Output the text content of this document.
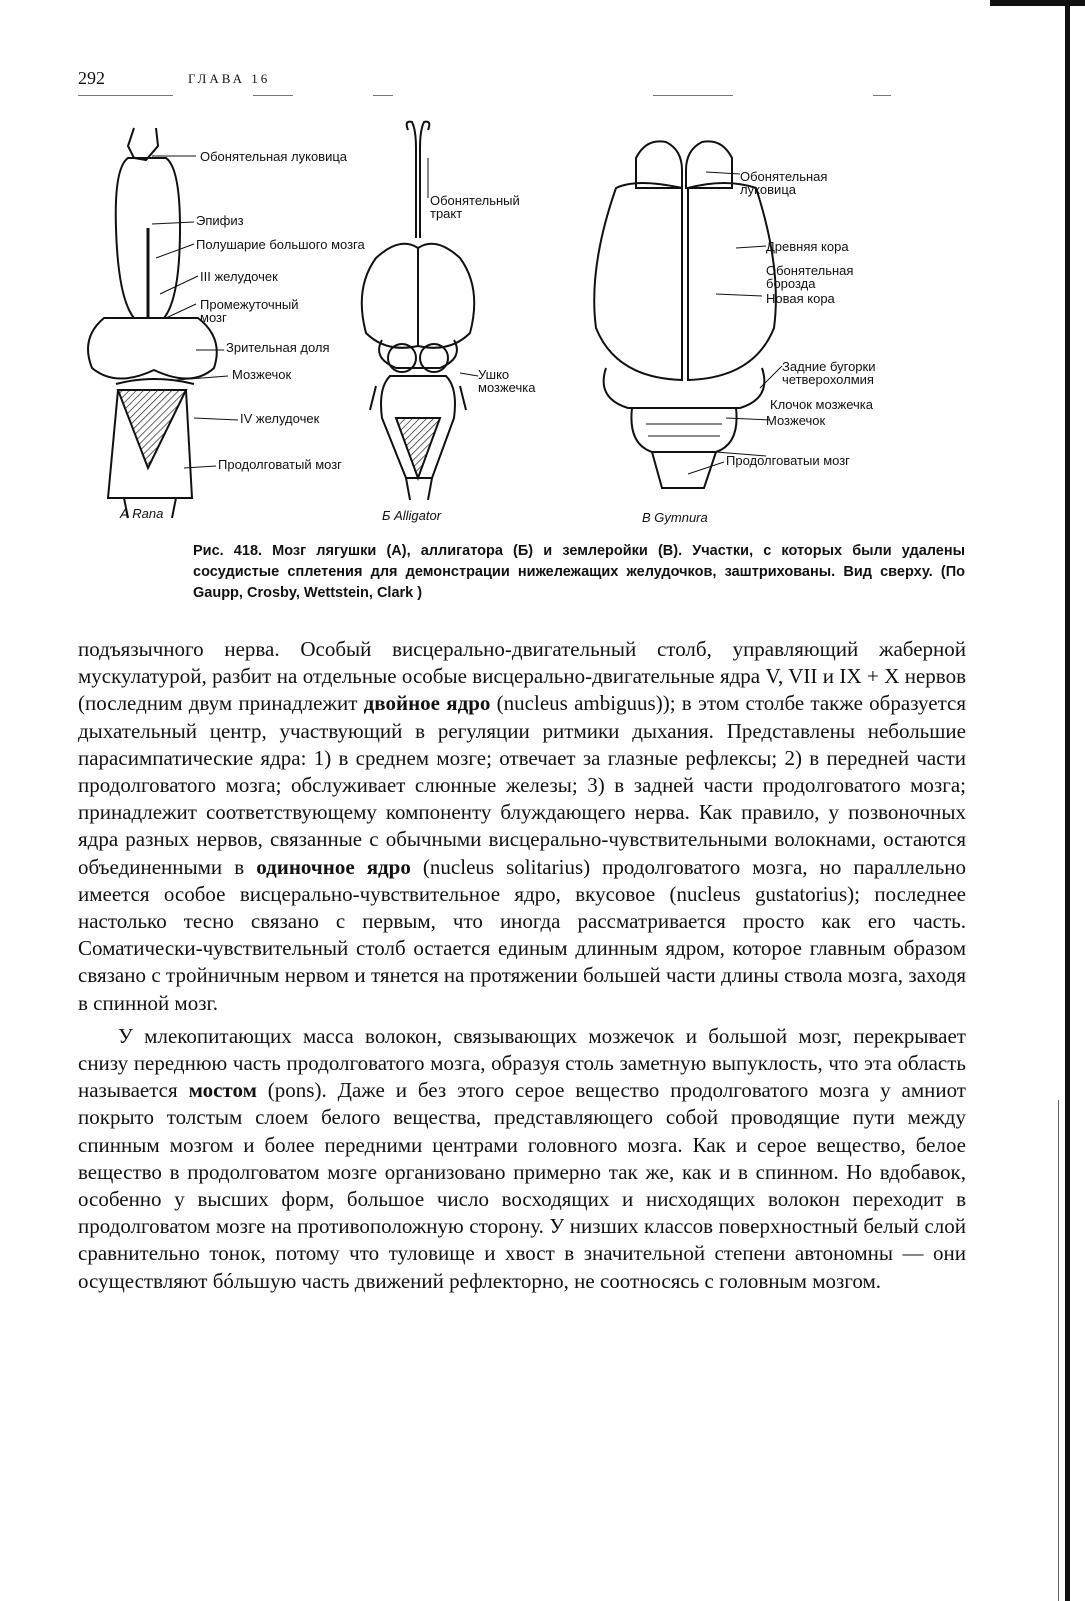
292	ГЛАВА 16
Обонятельная луковица
Эпифиз
Полушарие большого мозга
III желудочек
Промежуточный мозг
Зрительная доля
Мозжечок
IV желудочек
Продолговатый мозг
Обонятельный тракт
Ушко мозжечка
Обонятельная луковица
Древняя кора
Обонятельная борозда
Новая кора
Задние бугорки четверохолмия
Клочок мозжечка
Мозжечок
Продолговатыи мозг
А Rana	Б Alligator	В Gymnura
Рис. 418. Мозг лягушки (А), аллигатора (Б) и землеройки (В). Участки, с которых были удалены сосудистые сплетения для демонстрации нижележащих желудочков, заштрихованы. Вид сверху. (По Gaupp, Crosby, Wettstein, Clark )

подъязычного нерва. Особый висцерально-двигательный столб, управляющий жаберной мускулатурой, разбит на отдельные особые висцерально-двигательные ядра V, VII и IX + X нервов (последним двум принадлежит двойное ядро (nucleus ambiguus)); в этом столбе также образуется дыхательный центр, участвующий в регуляции ритмики дыхания. Представлены небольшие парасимпатические ядра: 1) в среднем мозге; отвечает за глазные рефлексы; 2) в передней части продолговатого мозга; обслуживает слюнные железы; 3) в задней части продолговатого мозга; принадлежит соответствующему компоненту блуждающего нерва. Как правило, у позвоночных ядра разных нервов, связанные с обычными висцерально-чувствительными волокнами, остаются объединенными в одиночное ядро (nucleus solitarius) продолговатого мозга, но параллельно имеется особое висцерально-чувствительное ядро, вкусовое (nucleus gustatorius); последнее настолько тесно связано с первым, что иногда рассматривается просто как его часть. Соматически-чувствительный столб остается единым длинным ядром, которое главным образом связано с тройничным нервом и тянется на протяжении большей части длины ствола мозга, заходя в спинной мозг.

У млекопитающих масса волокон, связывающих мозжечок и большой мозг, перекрывает снизу переднюю часть продолговатого мозга, образуя столь заметную выпуклость, что эта область называется мостом (pons). Даже и без этого серое вещество продолговатого мозга у амниот покрыто толстым слоем белого вещества, представляющего собой проводящие пути между спинным мозгом и более передними центрами головного мозга. Как и серое вещество, белое вещество в продолговатом мозге организовано примерно так же, как и в спинном. Но вдобавок, особенно у высших форм, большое число восходящих и нисходящих волокон переходит в продолговатом мозге на противоположную сторону. У низших классов поверхностный белый слой сравнительно тонок, потому что туловище и хвост в значительной степени автономны — они осуществляют бóльшую часть движений рефлекторно, не соотносясь с головным мозгом.
